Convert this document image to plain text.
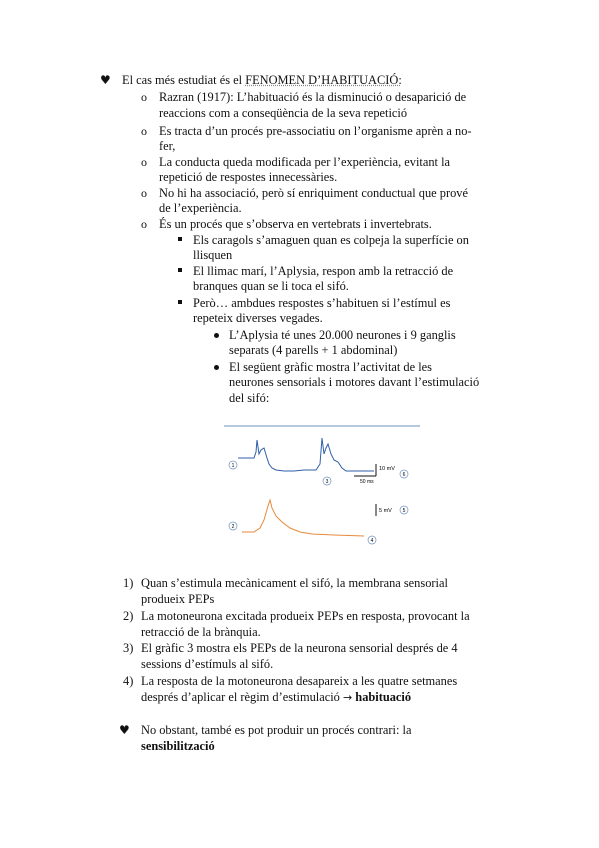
♥ El cas més estudiat és el FENOMEN D’HABITUACIÓ:
o Razran (1917): L’habituació és la disminució o desaparició de
reaccions com a conseqüència de la seva repetició
o Es tracta d’un procés pre-associatiu on l’organisme aprèn a no-
fer,
o La conducta queda modificada per l’experiència, evitant la
repetició de respostes innecessàries.
o No hi ha associació, però sí enriquiment conductual que prové
de l’experiència.
o És un procés que s’observa en vertebrats i invertebrats.
Els caragols s’amaguen quan es colpeja la superfície on
llisquen
El llimac marí, l’Aplysia, respon amb la retracció de
branques quan se li toca el sifó.
Però… ambdues respostes s’habituen si l’estímul es
repeteix diverses vegades.
L’Aplysia té unes 20.000 neurones i 9 ganglis
separats (4 parells + 1 abdominal)
El següent gràfic mostra l’activitat de les
neurones sensorials i motores davant l’estimulació
del sifó:
10 mV
50 ms
5 mV
1
2
3
4
5
6
1) Quan s’estimula mecànicament el sifó, la membrana sensorial
produeix PEPs
2) La motoneurona excitada produeix PEPs en resposta, provocant la
retracció de la brànquia.
3) El gràfic 3 mostra els PEPs de la neurona sensorial després de 4
sessions d’estímuls al sifó.
4) La resposta de la motoneurona desapareix a les quatre setmanes
després d’aplicar el règim d’estimulació → habituació
♥ No obstant, també es pot produir un procés contrari: la
sensibilització
